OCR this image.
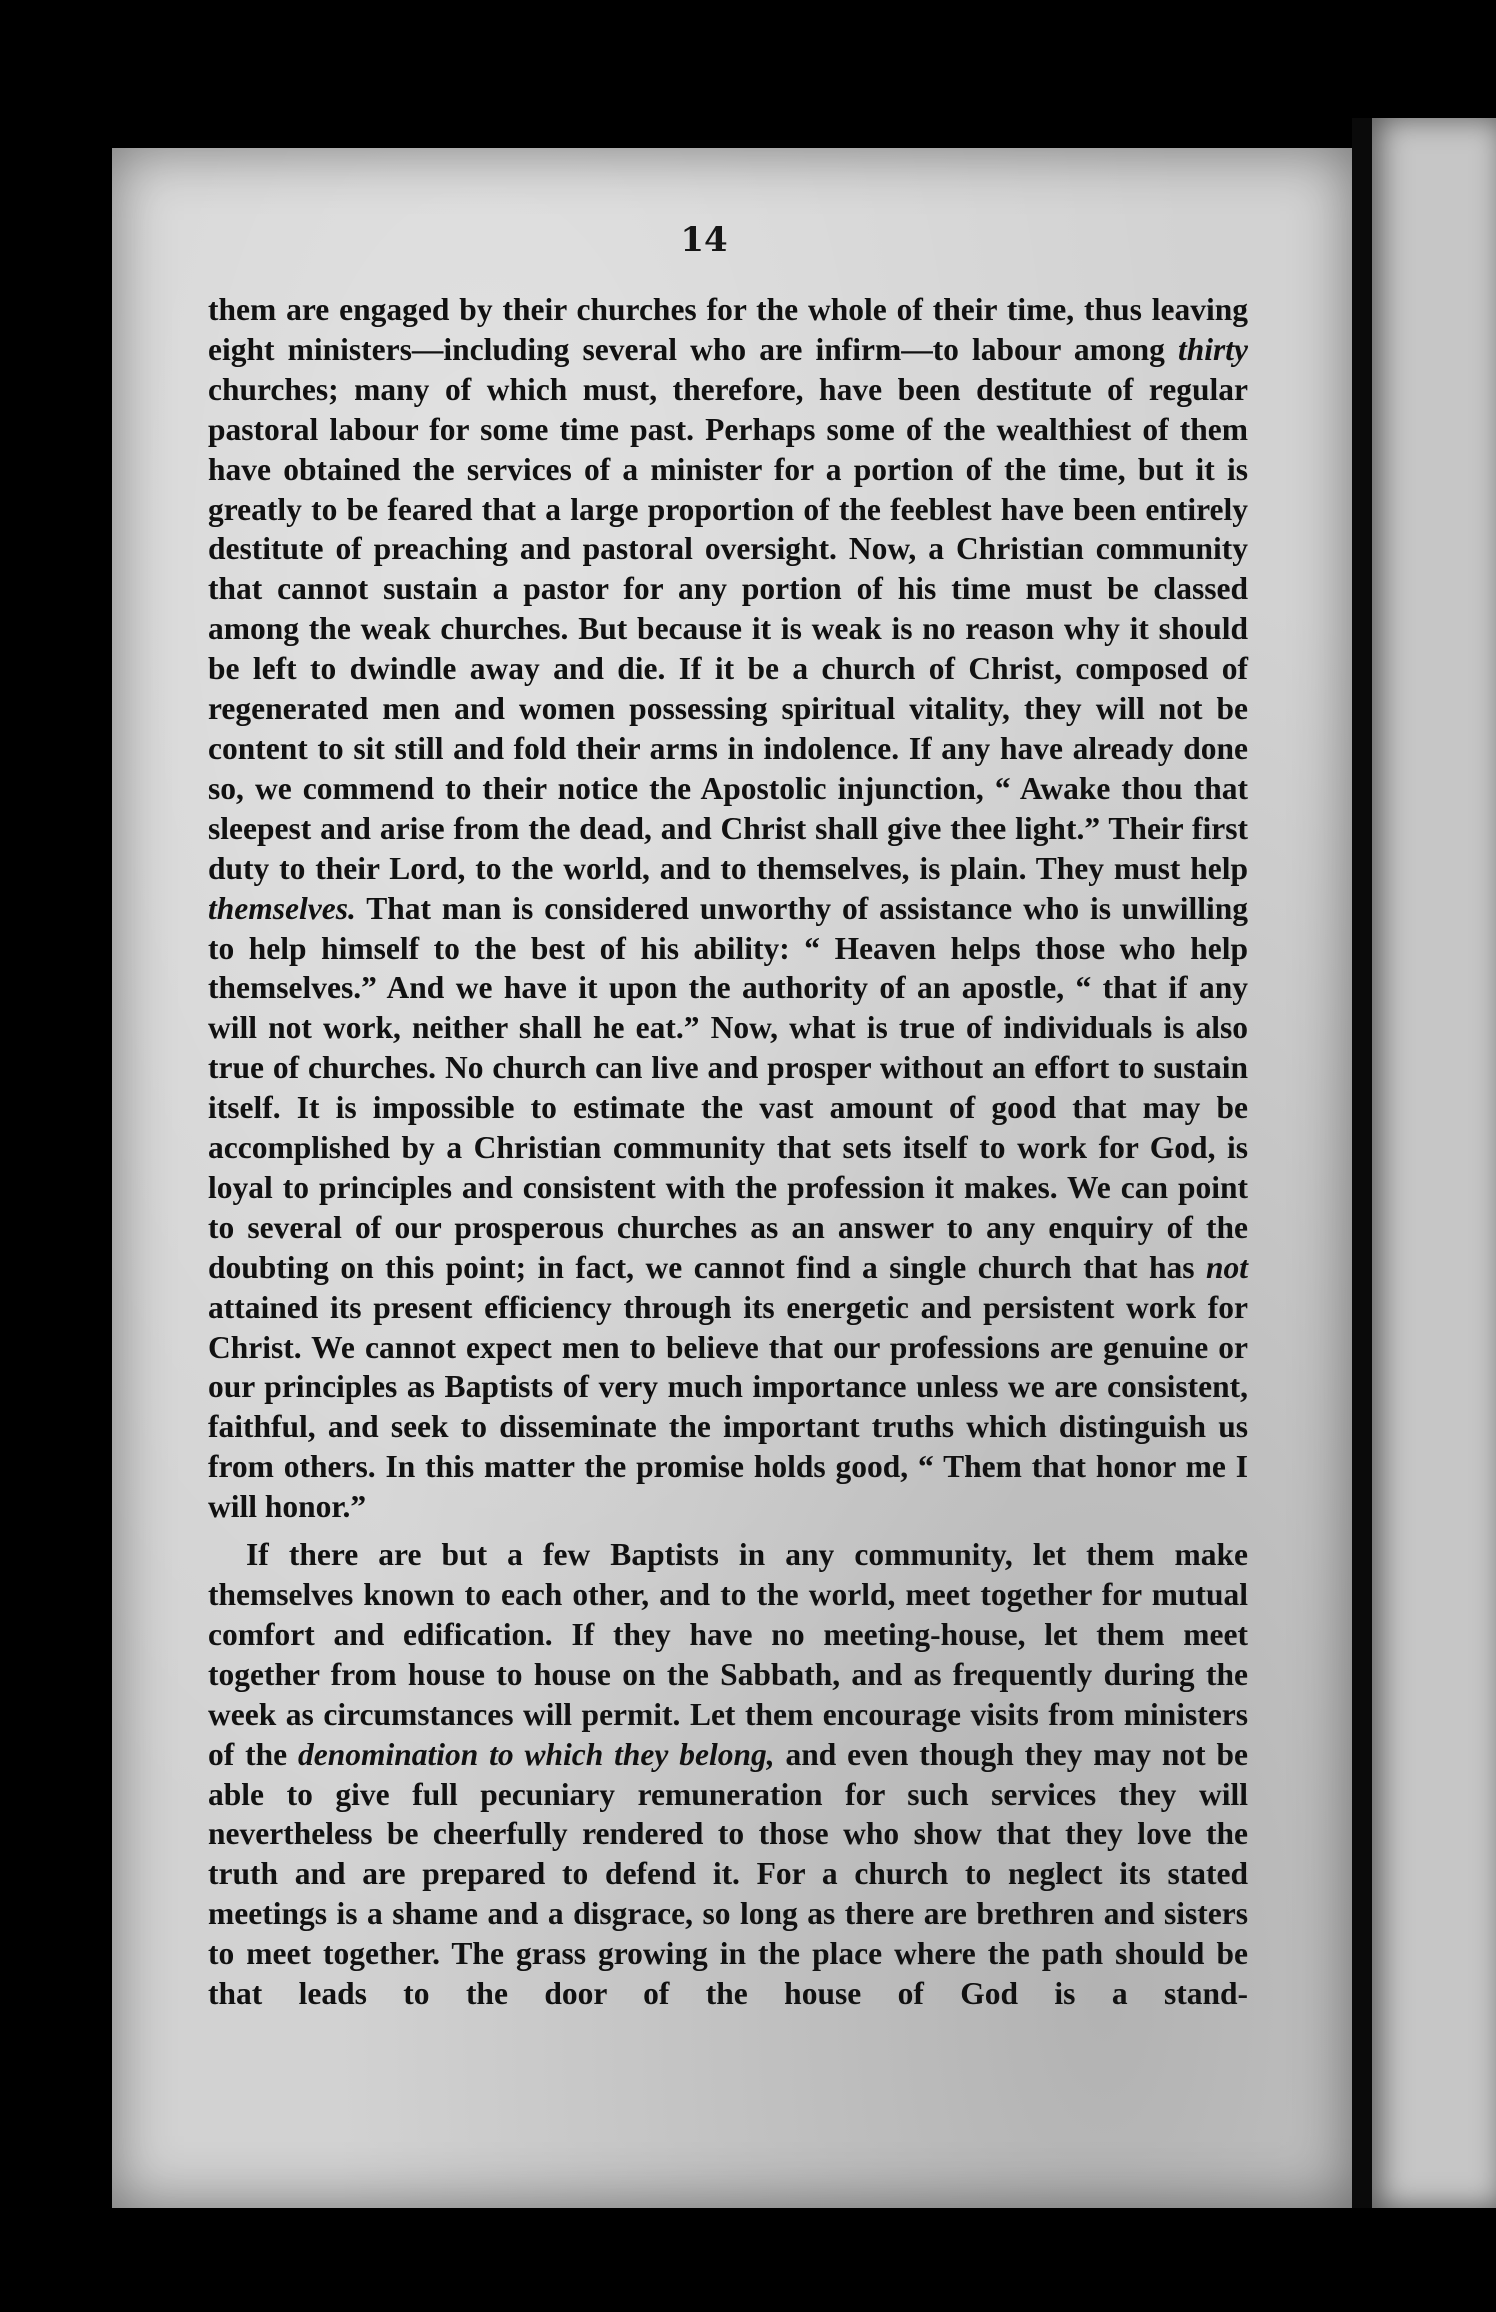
14

them are engaged by their churches for the whole of their time, thus leaving eight ministers—including several who are infirm—to labour among thirty churches; many of which must, therefore, have been destitute of regular pastoral labour for some time past. Perhaps some of the wealthiest of them have obtained the services of a minister for a portion of the time, but it is greatly to be feared that a large proportion of the feeblest have been entirely destitute of preaching and pastoral oversight. Now, a Christian community that cannot sustain a pastor for any portion of his time must be classed among the weak churches. But because it is weak is no reason why it should be left to dwindle away and die. If it be a church of Christ, composed of regenerated men and women possessing spiritual vitality, they will not be content to sit still and fold their arms in indolence. If any have already done so, we commend to their notice the Apostolic injunction, “ Awake thou that sleepest and arise from the dead, and Christ shall give thee light.” Their first duty to their Lord, to the world, and to themselves, is plain. They must help themselves. That man is considered unworthy of assistance who is unwilling to help himself to the best of his ability: “ Heaven helps those who help themselves.” And we have it upon the authority of an apostle, “ that if any will not work, neither shall he eat.” Now, what is true of individuals is also true of churches. No church can live and prosper without an effort to sustain itself. It is impossible to estimate the vast amount of good that may be accomplished by a Christian community that sets itself to work for God, is loyal to principles and consistent with the profession it makes. We can point to several of our prosperous churches as an answer to any enquiry of the doubting on this point; in fact, we cannot find a single church that has not attained its present efficiency through its energetic and persistent work for Christ. We cannot expect men to believe that our professions are genuine or our principles as Baptists of very much importance unless we are consistent, faithful, and seek to disseminate the important truths which distinguish us from others. In this matter the promise holds good, “ Them that honor me I will honor.”

If there are but a few Baptists in any community, let them make themselves known to each other, and to the world, meet together for mutual comfort and edification. If they have no meeting-house, let them meet together from house to house on the Sabbath, and as frequently during the week as circumstances will permit. Let them encourage visits from ministers of the denomination to which they belong, and even though they may not be able to give full pecuniary remuneration for such services they will nevertheless be cheerfully rendered to those who show that they love the truth and are prepared to defend it. For a church to neglect its stated meetings is a shame and a disgrace, so long as there are brethren and sisters to meet together. The grass growing in the place where the path should be that leads to the door of the house of God is a stand-
